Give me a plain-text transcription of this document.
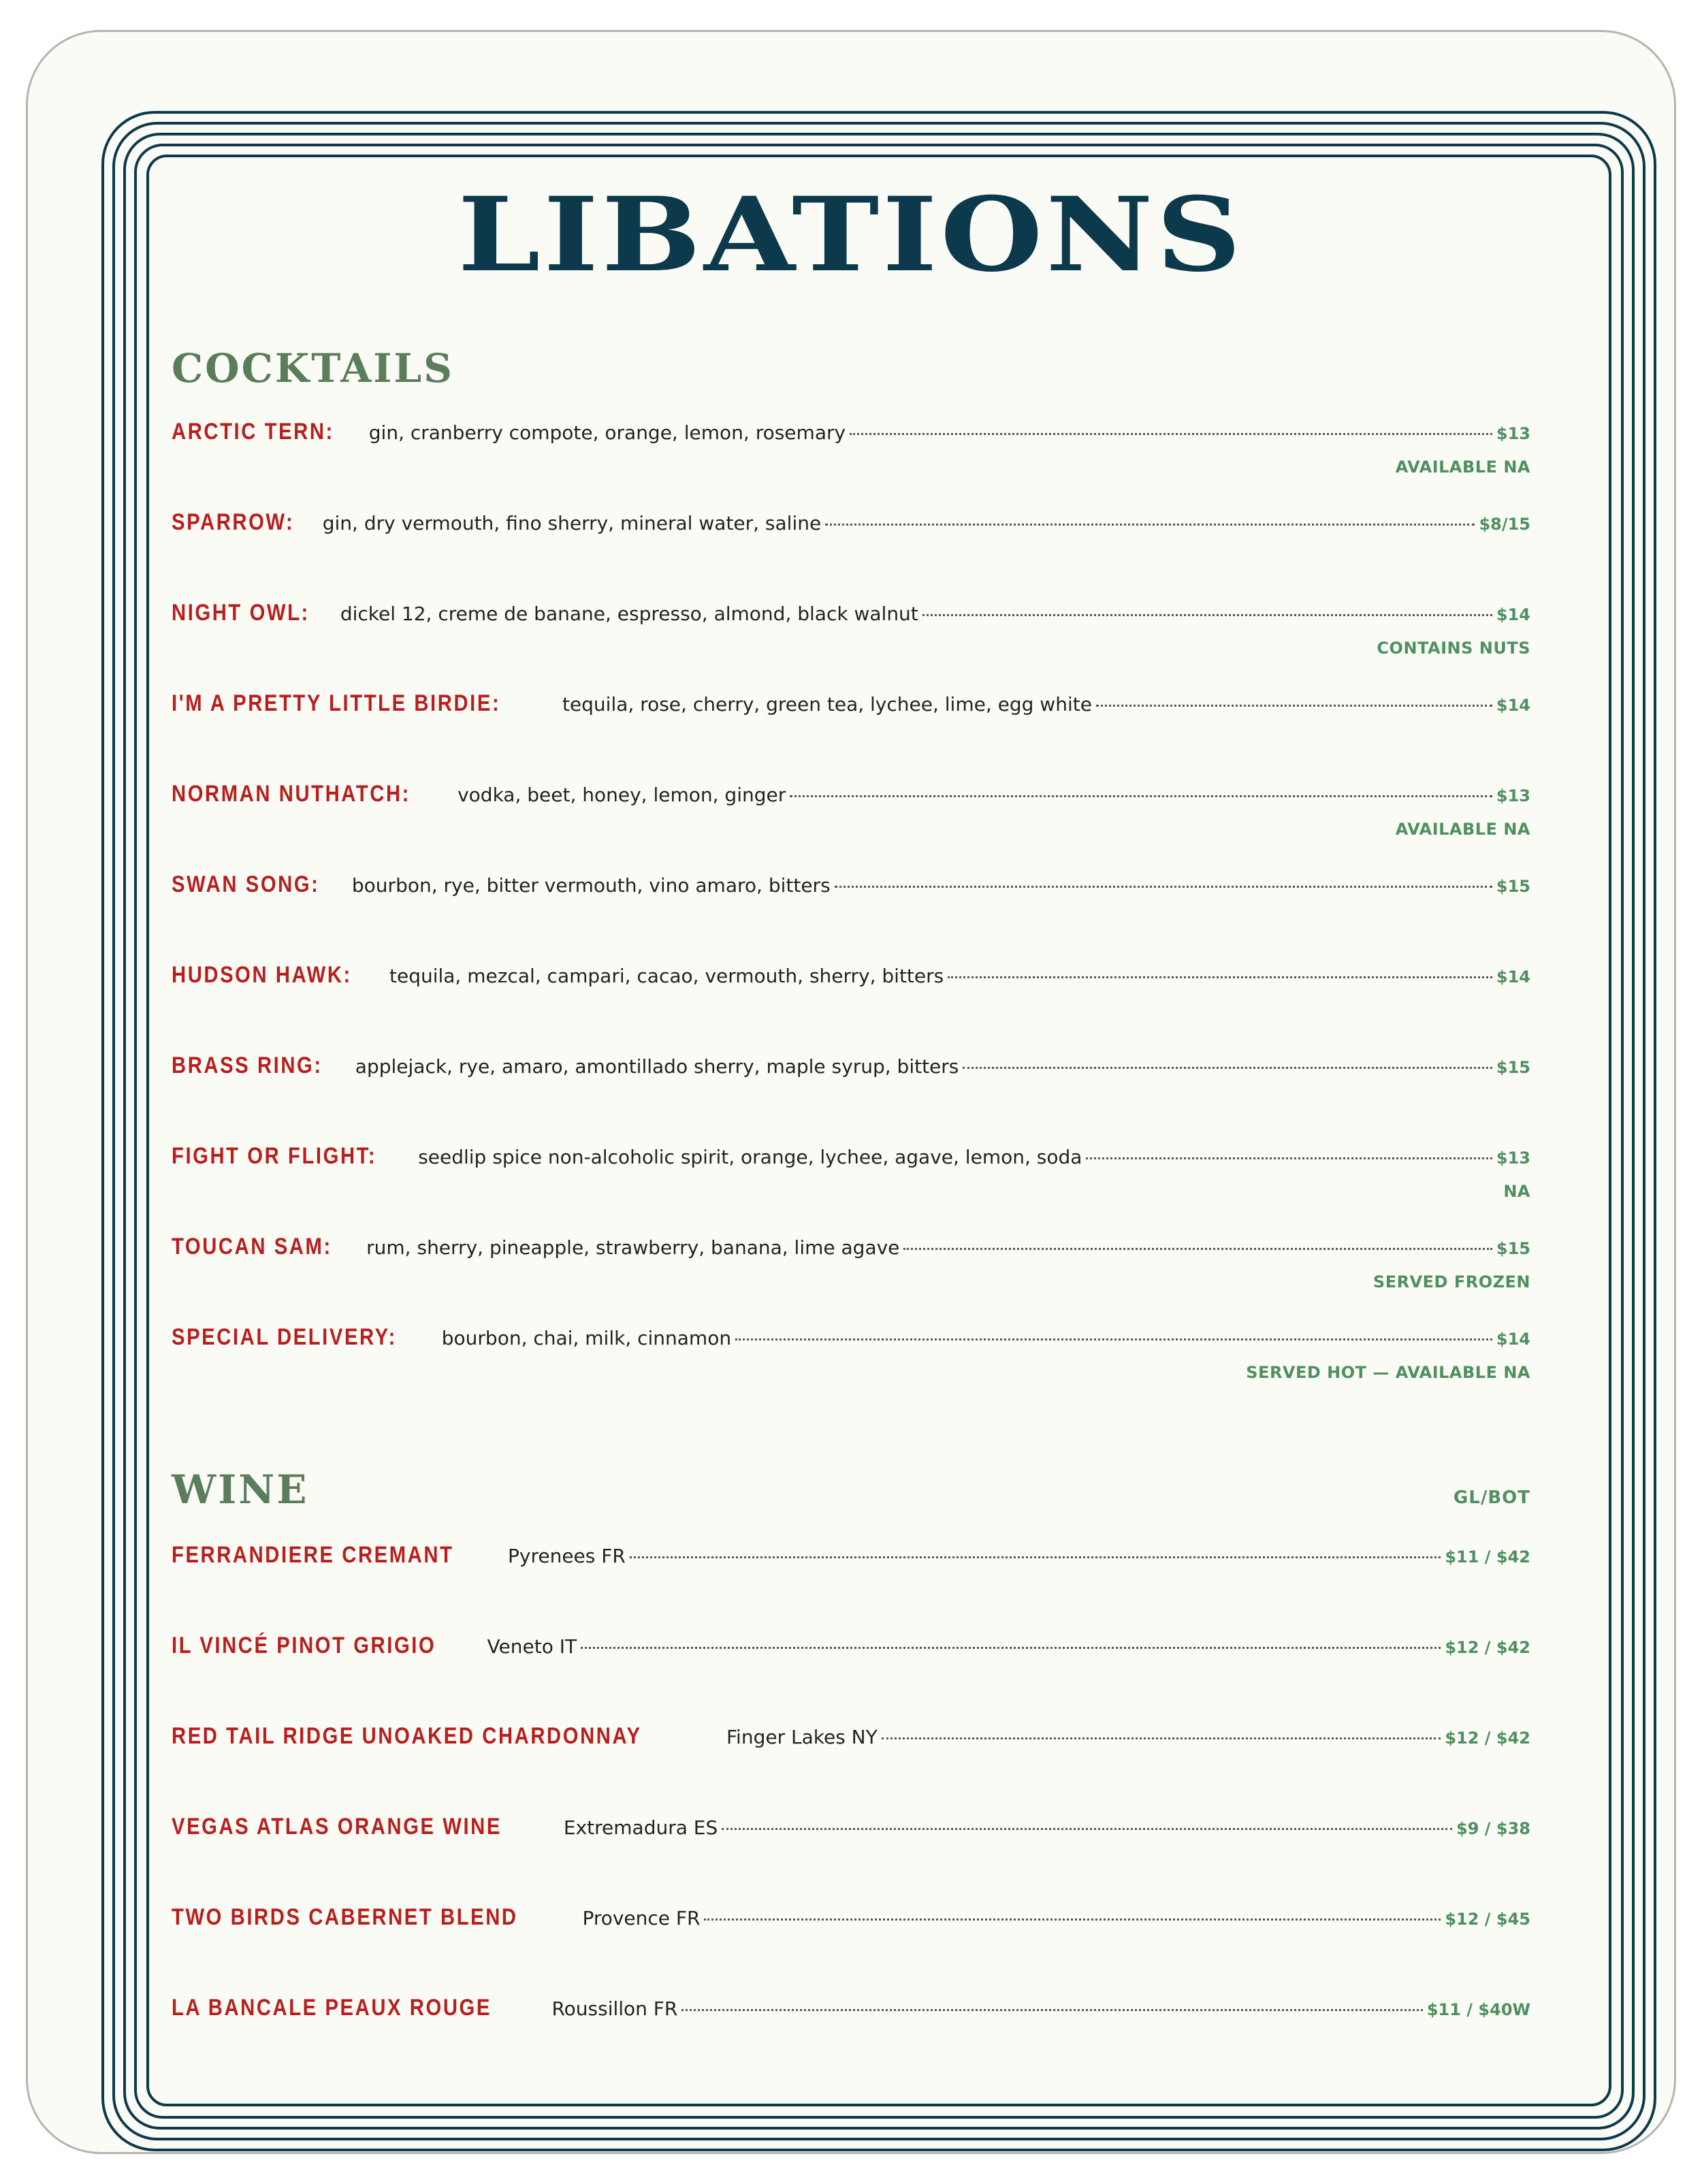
LIBATIONS
COCKTAILS
ARCTIC TERN: gin, cranberry compote, orange, lemon, rosemary	$13
AVAILABLE NA
SPARROW: gin, dry vermouth, fino sherry, mineral water, saline	$8/15
NIGHT OWL: dickel 12, creme de banane, espresso, almond, black walnut	$14
CONTAINS NUTS
I'M A PRETTY LITTLE BIRDIE:	tequila, rose, cherry, green tea, lychee, lime, egg white	$14
NORMAN NUTHATCH: vodka, beet, honey, lemon, ginger	$13
AVAILABLE NA
SWAN SONG: bourbon, rye, bitter vermouth, vino amaro, bitters	$15
HUDSON HAWK: tequila, mezcal, campari, cacao, vermouth, sherry, bitters	$14
BRASS RING: applejack, rye, amaro, amontillado sherry, maple syrup, bitters	$15
FIGHT OR FLIGHT: seedlip spice non-alcoholic spirit, orange, lychee, agave, lemon, soda	$13
NA
TOUCAN SAM: rum, sherry, pineapple, strawberry, banana, lime agave	$15
SERVED FROZEN
SPECIAL DELIVERY: bourbon, chai, milk, cinnamon	$14
SERVED HOT — AVAILABLE NA
WINE	GL/BOT
FERRANDIERE CREMANT	Pyrenees FR	$11 / $42
IL VINCÉ PINOT GRIGIO	Veneto IT	$12 / $42
RED TAIL RIDGE UNOAKED CHARDONNAY	Finger Lakes NY	$12 / $42
VEGAS ATLAS ORANGE WINE	Extremadura ES	$9 / $38
TWO BIRDS CABERNET BLEND	Provence FR	$12 / $45
LA BANCALE PEAUX ROUGE	Roussillon FR	$11 / $40W
